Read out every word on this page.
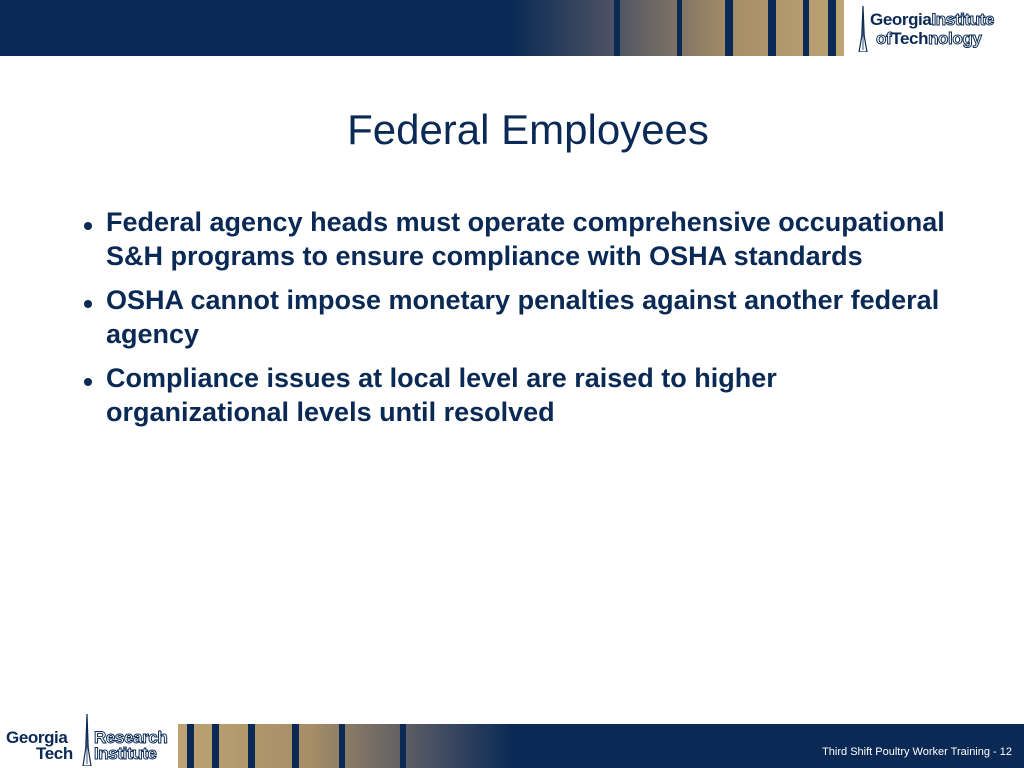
GeorgiaInstitute
ofTechnology
Federal Employees
Federal agency heads must operate comprehensive occupational S&H programs to ensure compliance with OSHA standards
OSHA cannot impose monetary penalties against another federal agency
Compliance issues at local level are raised to higher organizational levels until resolved
Georgia
Tech
Research
Institute	Third Shift Poultry Worker Training - 12
